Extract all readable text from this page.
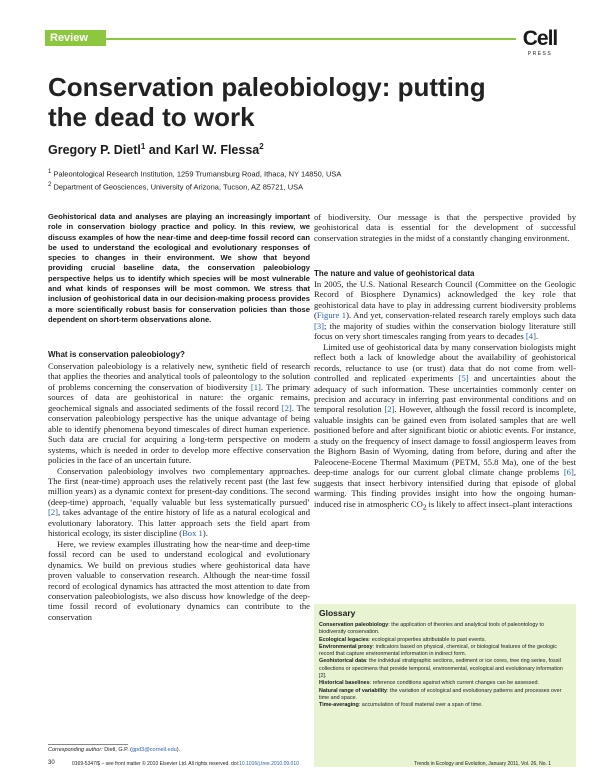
Review	Cell
PRESS
Conservation paleobiology: putting the dead to work
Gregory P. Dietl$^1$ and Karl W. Flessa$^2$
$^1$ Paleontological Research Institution, 1259 Trumansburg Road, Ithaca, NY 14850, USA
$^2$ Department of Geosciences, University of Arizona, Tucson, AZ 85721, USA
Geohistorical data and analyses are playing an increasingly important role in conservation biology practice and policy. In this review, we discuss examples of how the near-time and deep-time fossil record can be used to understand the ecological and evolutionary responses of species to changes in their environment. We show that beyond providing crucial baseline data, the conservation paleobiology perspective helps us to identify which species will be most vulnerable and what kinds of responses will be most common. We stress that inclusion of geohistorical data in our decision-making process provides a more scientifically robust basis for conservation policies than those dependent on short-term observations alone.
What is conservation paleobiology?

Conservation paleobiology is a relatively new, synthetic field of research that applies the theories and analytical tools of paleontology to the solution of problems concerning the conservation of biodiversity [1]. The primary sources of data are geohistorical in nature: the organic remains, geochemical signals and associated sediments of the fossil record [2]. The conservation paleobiology perspective has the unique advantage of being able to identify phenomena beyond timescales of direct human experience. Such data are crucial for acquiring a long-term perspective on modern systems, which is needed in order to develop more effective conservation policies in the face of an uncertain future.

Conservation paleobiology involves two complementary approaches. The first (near-time) approach uses the relatively recent past (the last few million years) as a dynamic context for present-day conditions. The second (deep-time) approach, ‘equally valuable but less systematically pursued’ [2], takes advantage of the entire history of life as a natural ecological and evolutionary laboratory. This latter approach sets the field apart from historical ecology, its sister discipline (Box 1).

Here, we review examples illustrating how the near-time and deep-time fossil record can be used to understand ecological and evolutionary dynamics. We build on previous studies where geohistorical data have proven valuable to conservation research. Although the near-time fossil record of ecological dynamics has attracted the most attention to date from conservation paleobiologists, we also discuss how knowledge of the deep-time fossil record of evolutionary dynamics can contribute to the conservation

of biodiversity. Our message is that the perspective provided by geohistorical data is essential for the development of successful conservation strategies in the midst of a constantly changing environment.
The nature and value of geohistorical data

In 2005, the U.S. National Research Council (Committee on the Geologic Record of Biosphere Dynamics) acknowledged the key role that geohistorical data have to play in addressing current biodiversity problems (Figure 1). And yet, conservation-related research rarely employs such data [3]; the majority of studies within the conservation biology literature still focus on very short timescales ranging from years to decades [4].

Limited use of geohistorical data by many conservation biologists might reflect both a lack of knowledge about the availability of geohistorical records, reluctance to use (or trust) data that do not come from well-controlled and replicated experiments [5] and uncertainties about the adequacy of such information. These uncertainties commonly center on precision and accuracy in inferring past environmental conditions and on temporal resolution [2]. However, although the fossil record is incomplete, valuable insights can be gained even from isolated samples that are well positioned before and after significant biotic or abiotic events. For instance, a study on the frequency of insect damage to fossil angiosperm leaves from the Bighorn Basin of Wyoming, dating from before, during and after the Paleocene-Eocene Thermal Maximum (PETM, 55.8 Ma), one of the best deep-time analogs for our current global climate change problems [6], suggests that insect herbivory intensified during that episode of global warming. This finding provides insight into how the ongoing human-induced rise in atmospheric $CO_2$ is likely to affect insect–plant interactions

Glossary

Conservation paleobiology: the application of theories and analytical tools of paleontology to biodiversity conservation.

Ecological legacies: ecological properties attributable to past events.

Environmental proxy: indicators based on physical, chemical, or biological features of the geologic record that capture environmental information in indirect form.

Geohistorical data: the individual stratigraphic sections, sediment or ice cores, tree ring series, fossil collections or specimens that provide temporal, environmental, ecological and evolutionary information [2].

Historical baselines: reference conditions against which current changes can be assessed.

Natural range of variability: the variation of ecological and evolutionary patterns and processes over time and space.

Time-averaging: accumulation of fossil material over a span of time.

Corresponding author: Dietl, G.P. (gpd3@cornell.edu).
30	0169-5347/$ – see front matter © 2010 Elsevier Ltd. All rights reserved. doi:10.1016/j.tree.2010.09.010	Trends in Ecology and Evolution, January 2011, Vol. 26, No. 1
